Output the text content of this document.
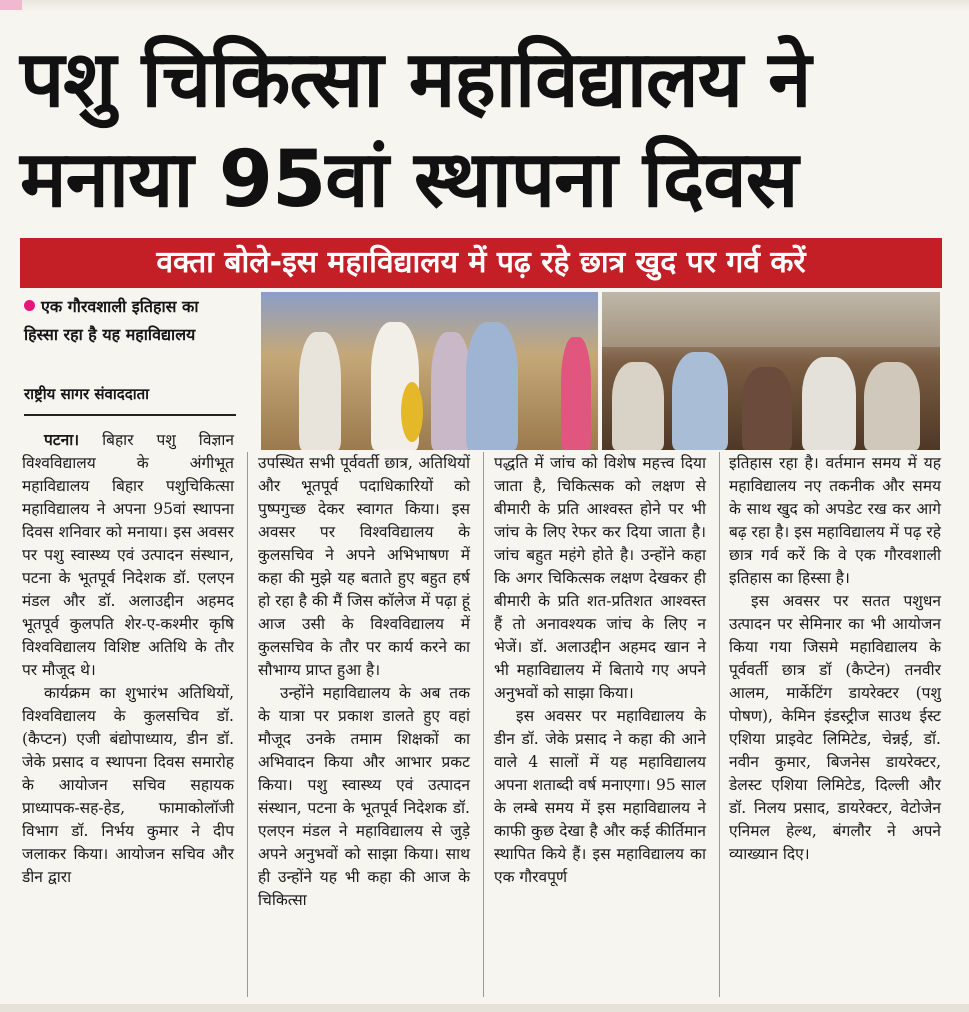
पशु चिकित्सा महाविद्यालय ने मनाया 95वां स्थापना दिवस
वक्ता बोले-इस महाविद्यालय में पढ़ रहे छात्र खुद पर गर्व करें
एक गौरवशाली इतिहास का हिस्सा रहा है यह महाविद्यालय
राष्ट्रीय सागर संवाददाता

पटना। बिहार पशु विज्ञान विश्वविद्यालय के अंगीभूत महाविद्यालय बिहार पशुचिकित्सा महाविद्यालय ने अपना 95वां स्थापना दिवस शनिवार को मनाया। इस अवसर पर पशु स्वास्थ्य एवं उत्पादन संस्थान, पटना के भूतपूर्व निदेशक डॉ. एलएन मंडल और डॉ. अलाउद्दीन अहमद भूतपूर्व कुलपति शेर-ए-कश्मीर कृषि विश्वविद्यालय विशिष्ट अतिथि के तौर पर मौजूद थे।

कार्यक्रम का शुभारंभ अतिथियों, विश्वविद्यालय के कुलसचिव डॉ. (कैप्टन) एजी बंद्योपाध्याय, डीन डॉ. जेके प्रसाद व स्थापना दिवस समारोह के आयोजन सचिव सहायक प्राध्यापक-सह-हेड, फामाकोलॉजी विभाग डॉ. निर्भय कुमार ने दीप जलाकर किया। आयोजन सचिव और डीन द्वारा

उपस्थित सभी पूर्ववर्ती छात्र, अतिथियों और भूतपूर्व पदाधिकारियों को पुष्पगुच्छ देकर स्वागत किया। इस अवसर पर विश्वविद्यालय के कुलसचिव ने अपने अभिभाषण में कहा की मुझे यह बताते हुए बहुत हर्ष हो रहा है की मैं जिस कॉलेज में पढ़ा हूं आज उसी के विश्वविद्यालय में कुलसचिव के तौर पर कार्य करने का सौभाग्य प्राप्त हुआ है।

उन्होंने महाविद्यालय के अब तक के यात्रा पर प्रकाश डालते हुए वहां मौजूद उनके तमाम शिक्षकों का अभिवादन किया और आभार प्रकट किया। पशु स्वास्थ्य एवं उत्पादन संस्थान, पटना के भूतपूर्व निदेशक डॉ. एलएन मंडल ने महाविद्यालय से जुड़े अपने अनुभवों को साझा किया। साथ ही उन्होंने यह भी कहा की आज के चिकित्सा

पद्धति में जांच को विशेष महत्त्व दिया जाता है, चिकित्सक को लक्षण से बीमारी के प्रति आश्वस्त होने पर भी जांच के लिए रेफर कर दिया जाता है। जांच बहुत महंगे होते है। उन्होंने कहा कि अगर चिकित्सक लक्षण देखकर ही बीमारी के प्रति शत-प्रतिशत आश्वस्त हैं तो अनावश्यक जांच के लिए न भेजें। डॉ. अलाउद्दीन अहमद खान ने भी महाविद्यालय में बिताये गए अपने अनुभवों को साझा किया।

इस अवसर पर महाविद्यालय के डीन डॉ. जेके प्रसाद ने कहा की आने वाले 4 सालों में यह महाविद्यालय अपना शताब्दी वर्ष मनाएगा। 95 साल के लम्बे समय में इस महाविद्यालय ने काफी कुछ देखा है और कई कीर्तिमान स्थापित किये हैं। इस महाविद्यालय का एक गौरवपूर्ण

इतिहास रहा है। वर्तमान समय में यह महाविद्यालय नए तकनीक और समय के साथ खुद को अपडेट रख कर आगे बढ़ रहा है। इस महाविद्यालय में पढ़ रहे छात्र गर्व करें कि वे एक गौरवशाली इतिहास का हिस्सा है।

इस अवसर पर सतत पशुधन उत्पादन पर सेमिनार का भी आयोजन किया गया जिसमे महाविद्यालय के पूर्ववर्ती छात्र डॉ (कैप्टेन) तनवीर आलम, मार्केटिंग डायरेक्टर (पशु पोषण), केमिन इंडस्ट्रीज साउथ ईस्ट एशिया प्राइवेट लिमिटेड, चेन्नई, डॉ. नवीन कुमार, बिजनेस डायरेक्टर, डेलस्ट एशिया लिमिटेड, दिल्ली और डॉ. निलय प्रसाद, डायरेक्टर, वेटोजेन एनिमल हेल्थ, बंगलौर ने अपने व्याख्यान दिए।
